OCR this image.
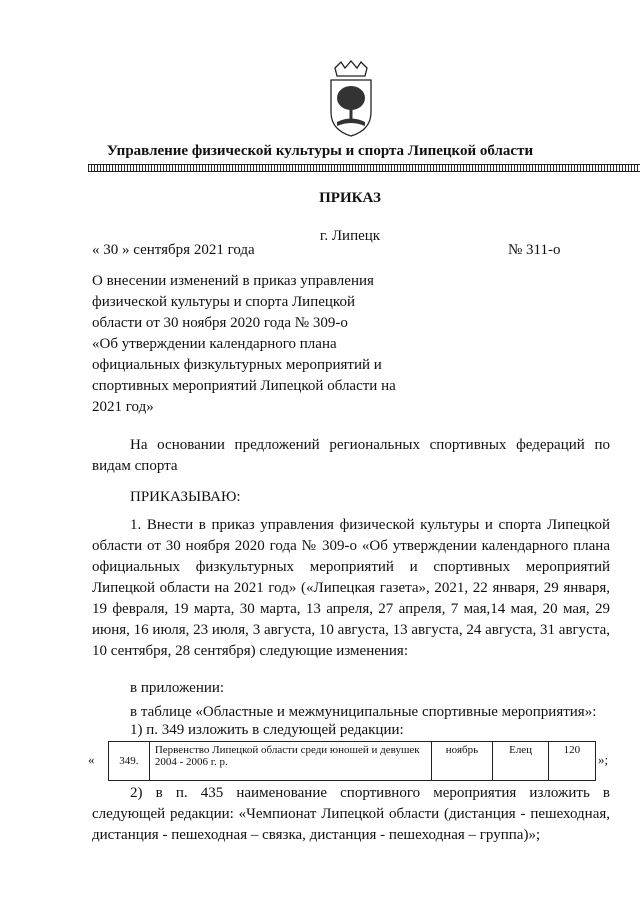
Управление физической культуры и спорта Липецкой области
ПРИКАЗ
г. Липецк
« 30 » сентября 2021 года	№ 311-о
О внесении изменений в приказ управления
физической культуры и спорта Липецкой
области от 30 ноября 2020 года № 309-о
«Об утверждении календарного плана
официальных физкультурных мероприятий и
спортивных мероприятий Липецкой области на
2021 год»
На основании предложений региональных спортивных федераций по видам спорта
ПРИКАЗЫВАЮ:
1. Внести в приказ управления физической культуры и спорта Липецкой области от 30 ноября 2020 года № 309-о «Об утверждении календарного плана официальных физкультурных мероприятий и спортивных мероприятий Липецкой области на 2021 год» («Липецкая газета», 2021, 22 января, 29 января, 19 февраля, 19 марта, 30 марта, 13 апреля, 27 апреля, 7 мая,14 мая, 20 мая, 29 июня, 16 июля, 23 июля, 3 августа, 10 августа, 13 августа, 24 августа, 31 августа, 10 сентября, 28 сентября) следующие изменения:
в приложении:
в таблице «Областные и межмуниципальные спортивные мероприятия»:
1) п. 349 изложить в следующей редакции:
« 349.	Первенство Липецкой области среди юношей и девушек 2004 - 2006 г. р.	ноябрь	Елец	120
»;
2) в п. 435 наименование спортивного мероприятия изложить в следующей редакции: «Чемпионат Липецкой области (дистанция - пешеходная, дистанция - пешеходная – связка, дистанция - пешеходная – группа)»;
